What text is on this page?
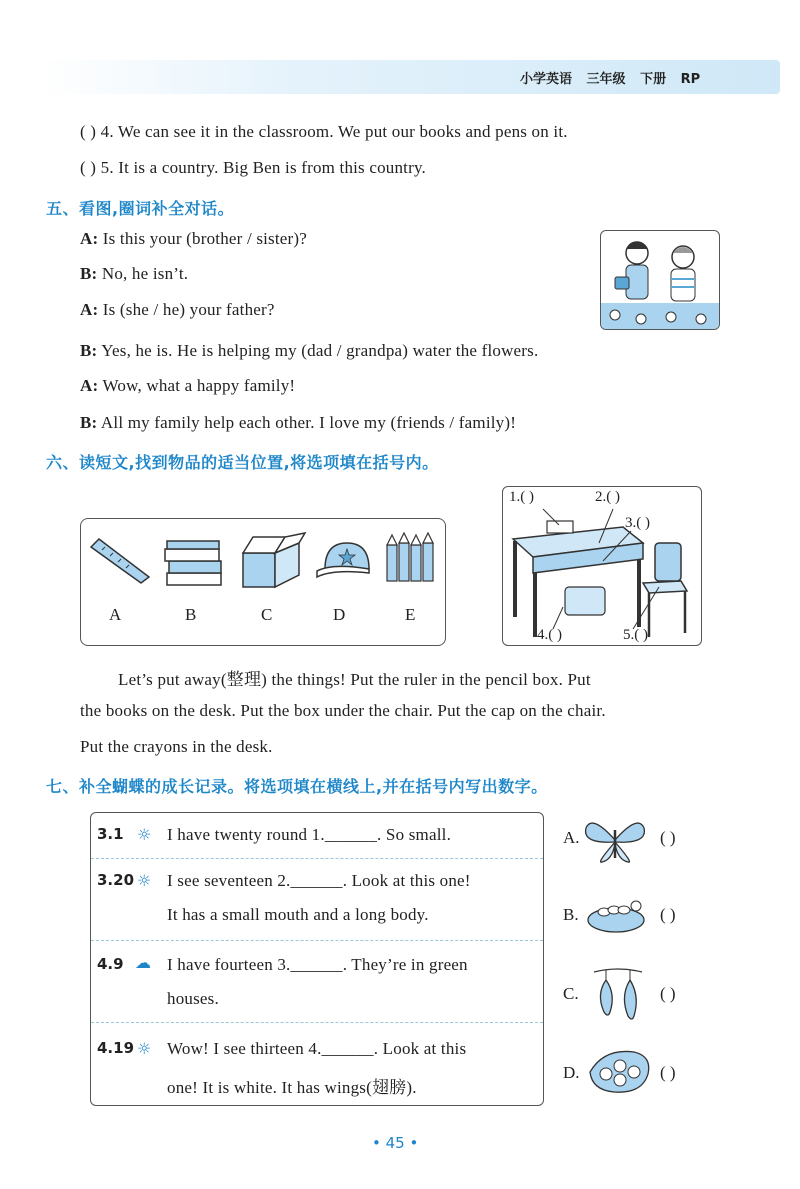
小学英语 三年级 下册 RP
( ) 4. We can see it in the classroom. We put our books and pens on it.
( ) 5. It is a country. Big Ben is from this country.
五、看图,圈词补全对话。
A: Is this your (brother / sister)?
B: No, he isn’t.
A: Is (she / he) your father?
B: Yes, he is. He is helping my (dad / grandpa) water the flowers.
A: Wow, what a happy family!
B: All my family help each other. I love my (friends / family)!
六、读短文,找到物品的适当位置,将选项填在括号内。
A	B	C	D	E
1.( )	2.( )
3.( )
4.( )	5.( )
Let’s put away(整理) the things! Put the ruler in the pencil box. Put
the books on the desk. Put the box under the chair. Put the cap on the chair.
Put the crayons in the desk.
七、补全蝴蝶的成长记录。将选项填在横线上,并在括号内写出数字。
3.1 ☼ I have twenty round 1.______. So small.
3.20 ☼ I see seventeen 2.______. Look at this one!
It has a small mouth and a long body.
4.9 ☁ I have fourteen 3.______. They’re in green
houses.
4.19 ☼ Wow! I see thirteen 4.______. Look at this
one! It is white. It has wings(翅膀).
A.	( )
B.	( )
C.	( )
D.	( )
• 45 •
